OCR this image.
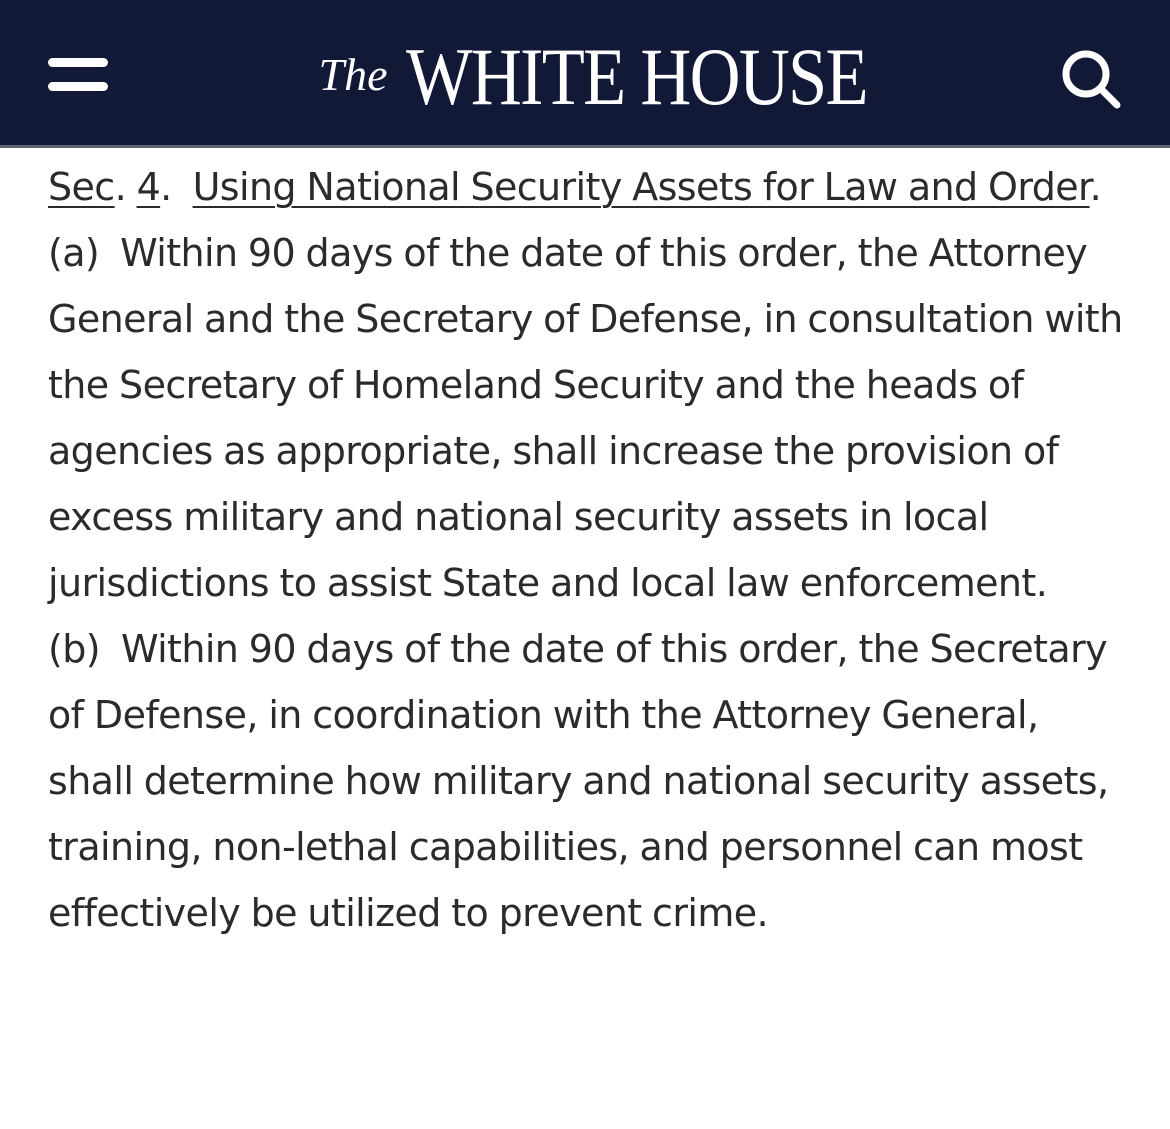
The WHITE HOUSE

Sec. 4.  Using National Security Assets for Law and Order.  (a) Within 90 days of the date of this order, the Attorney General and the Secretary of Defense, in consultation with the Secretary of Homeland Security and the heads of agencies as appropriate, shall increase the provision of excess military and national security assets in local jurisdictions to assist State and local law enforcement.

(b) Within 90 days of the date of this order, the Secretary of Defense, in coordination with the Attorney General, shall determine how military and national security assets, training, non-lethal capabilities, and personnel can most effectively be utilized to prevent crime.
